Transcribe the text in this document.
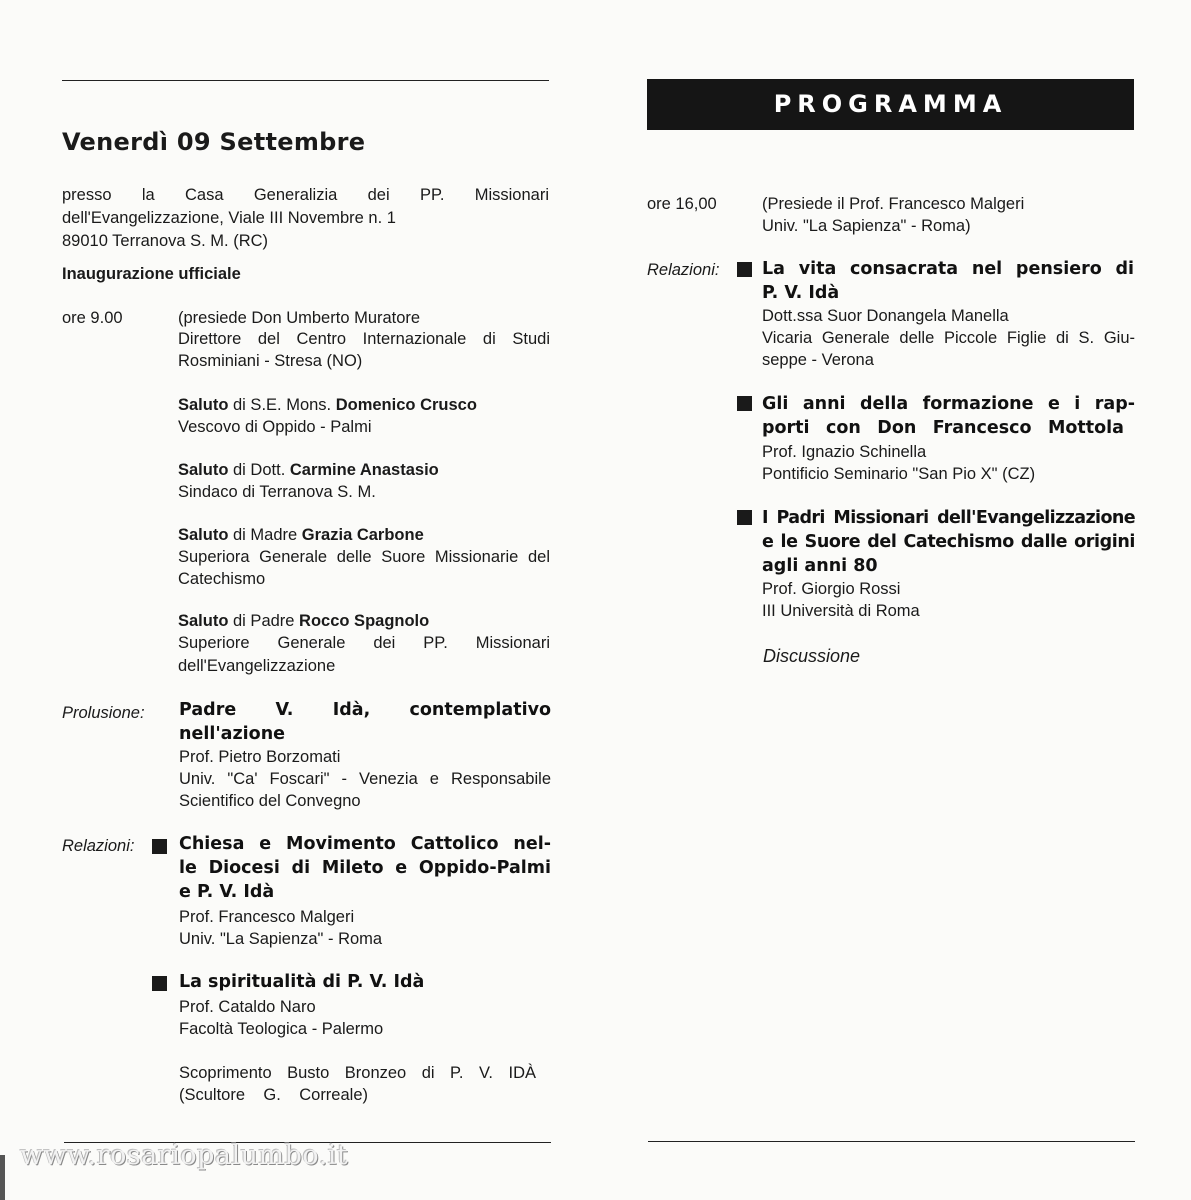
Venerdì 09 Settembre
presso la Casa Generalizia dei PP. Missionari
dell'Evangelizzazione, Viale III Novembre n. 1
89010 Terranova S. M. (RC)
Inaugurazione ufficiale
ore 9.00	(presiede Don Umberto Muratore
Direttore del Centro Internazionale di Studi
Rosminiani - Stresa (NO)
Saluto di S.E. Mons. Domenico Crusco
Vescovo di Oppido - Palmi
Saluto di Dott. Carmine Anastasio
Sindaco di Terranova S. M.
Saluto di Madre Grazia Carbone
Superiora Generale delle Suore Missionarie del
Catechismo
Saluto di Padre Rocco Spagnolo
Superiore Generale dei PP. Missionari
dell'Evangelizzazione
Prolusione: Padre V. Idà, contemplativo
nell'azione
Prof. Pietro Borzomati
Univ. "Ca' Foscari" - Venezia e Responsabile
Scientifico del Convegno
Relazioni:	Chiesa e Movimento Cattolico nel-
le Diocesi di Mileto e Oppido-Palmi
e P. V. Idà
Prof. Francesco Malgeri
Univ. "La Sapienza" - Roma
La spiritualità di P. V. Idà
Prof. Cataldo Naro
Facoltà Teologica - Palermo
Scoprimento Busto Bronzeo di P. V. IDÀ
(Scultore G. Correale)
PROGRAMMA
ore 16,00	(Presiede il Prof. Francesco Malgeri
Univ. "La Sapienza" - Roma)
Relazioni: La vita consacrata nel pensiero di
P. V. Idà
Dott.ssa Suor Donangela Manella
Vicaria Generale delle Piccole Figlie di S. Giu-
seppe - Verona
Gli anni della formazione e i rap-
porti con Don Francesco Mottola
Prof. Ignazio Schinella
Pontificio Seminario "San Pio X" (CZ)
I Padri Missionari dell'Evangelizzazione
e le Suore del Catechismo dalle origini
agli anni 80
Prof. Giorgio Rossi
III Università di Roma
Discussione
www.rosariopalumbo.it
